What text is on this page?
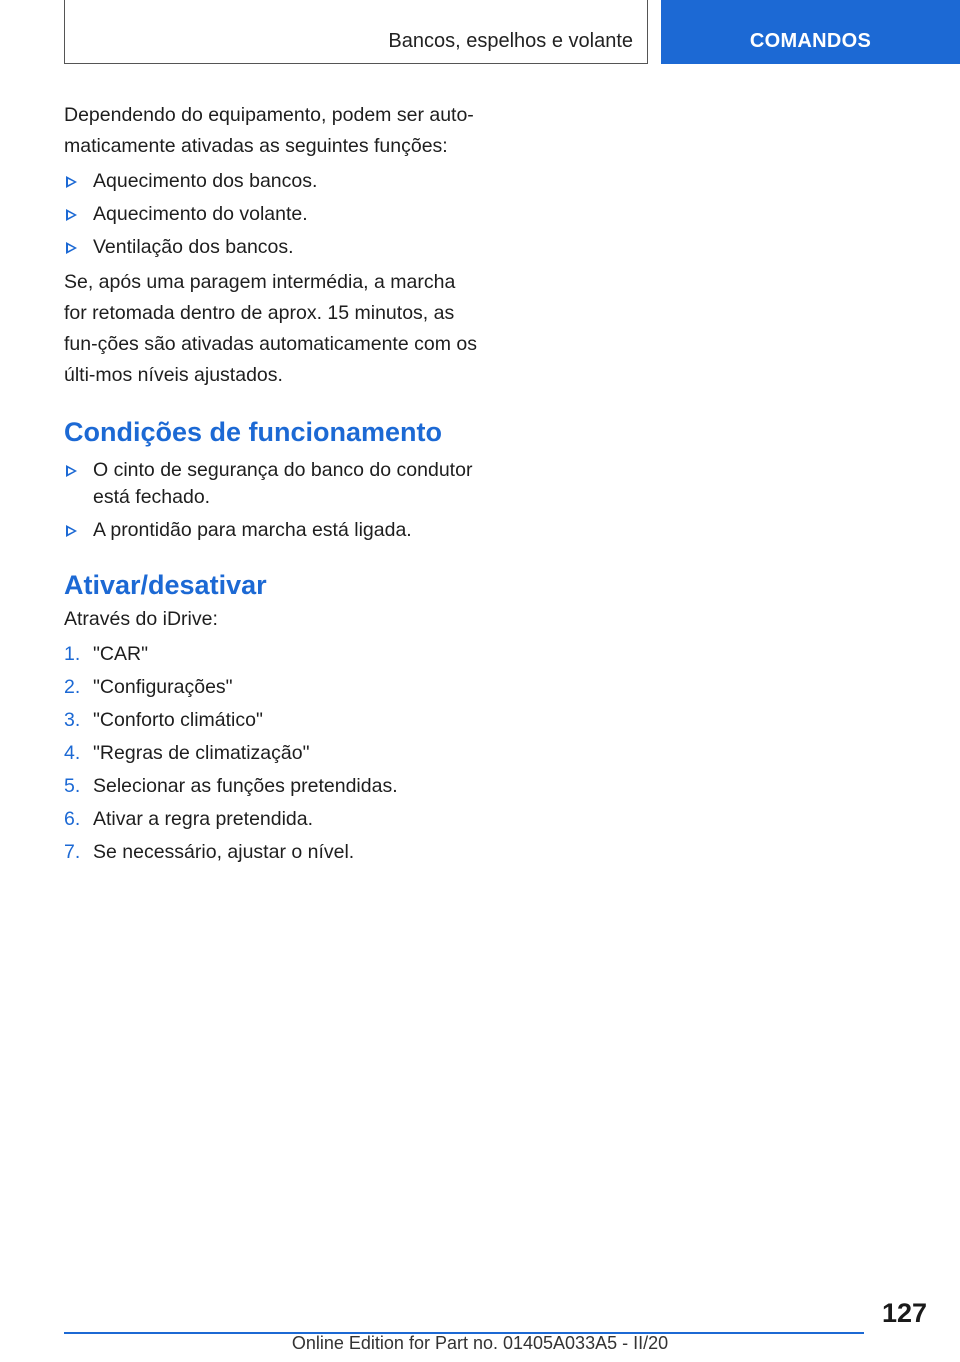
Bancos, espelhos e volante	COMANDOS

Dependendo do equipamento, podem ser auto-maticamente ativadas as seguintes funções:

Aquecimento dos bancos.
Aquecimento do volante.
Ventilação dos bancos.

Se, após uma paragem intermédia, a marcha for retomada dentro de aprox. 15 minutos, as fun-ções são ativadas automaticamente com os últi-mos níveis ajustados.

Condições de funcionamento
O cinto de segurança do banco do condutor está fechado.
A prontidão para marcha está ligada.
Ativar/desativar

Através do iDrive:

1. "CAR"
2. "Configurações"
3. "Conforto climático"
4. "Regras de climatização"
5. Selecionar as funções pretendidas.
6. Ativar a regra pretendida.
7. Se necessário, ajustar o nível.
127
Online Edition for Part no. 01405A033A5 - II/20
